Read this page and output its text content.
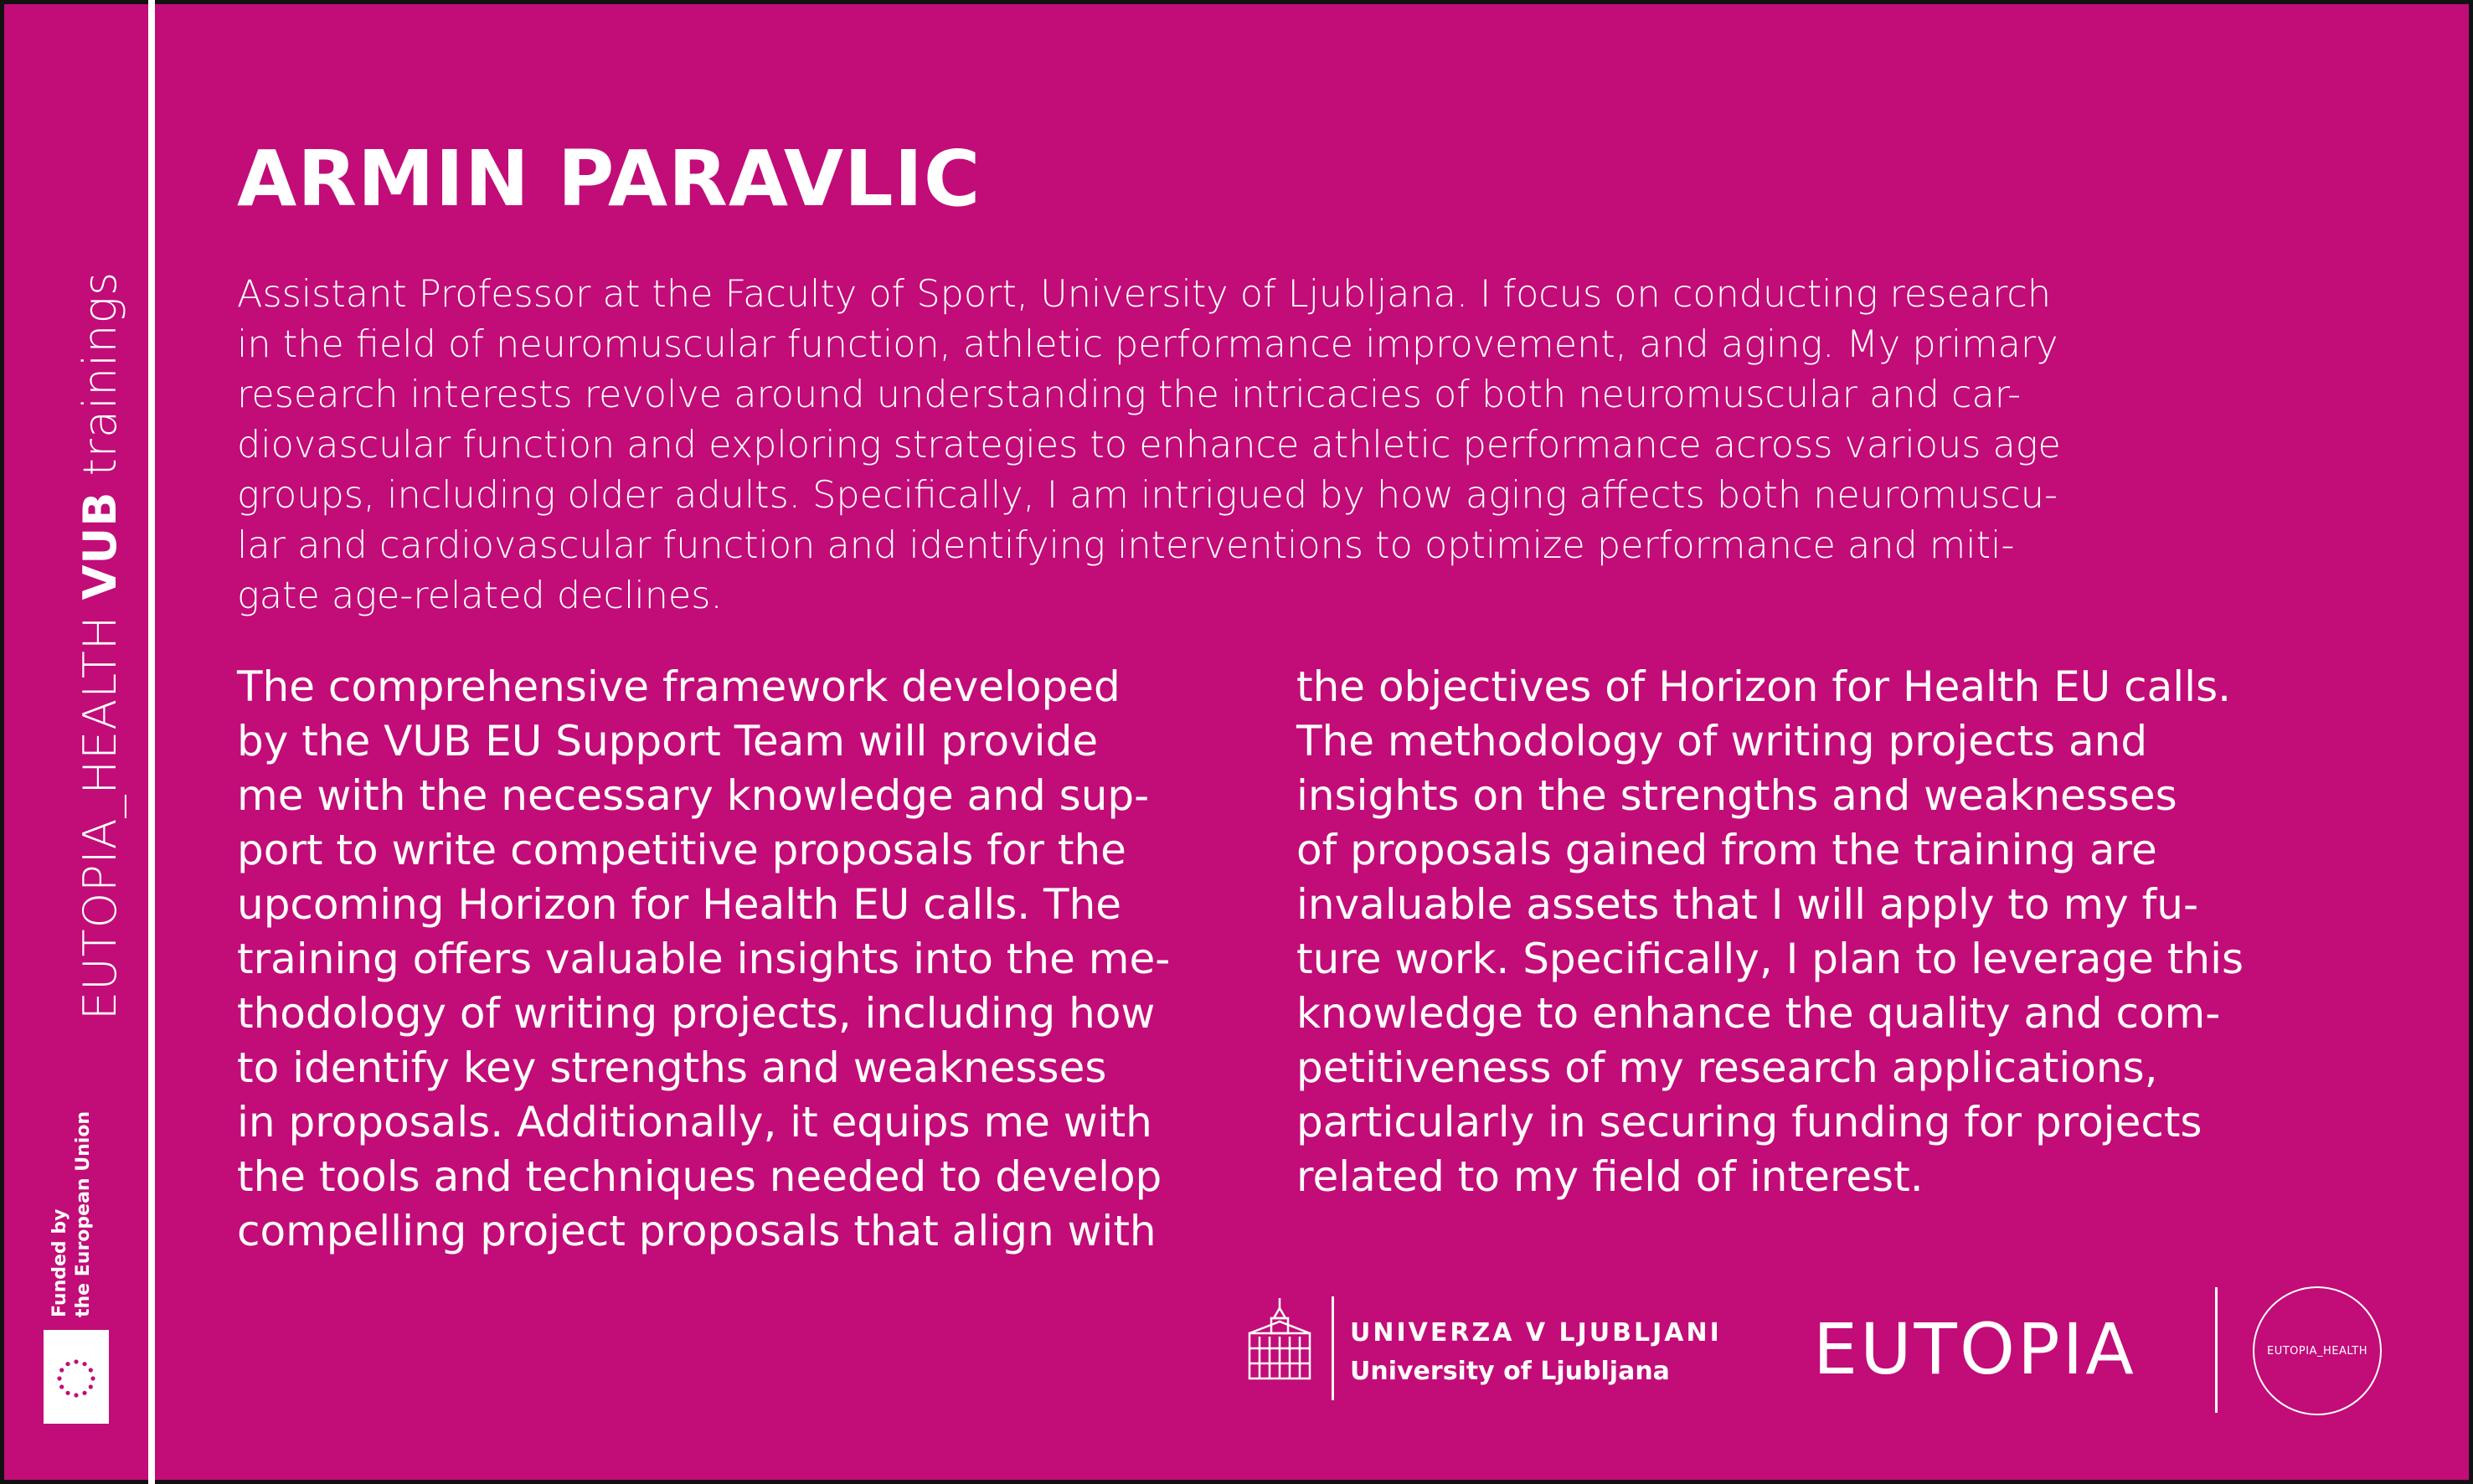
EUTOPIA_HEALTH VUB trainings
Funded by the European Union
ARMIN PARAVLIC

Assistant Professor at the Faculty of Sport, University of Ljubljana. I focus on conducting research
in the field of neuromuscular function, athletic performance improvement, and aging. My primary
research interests revolve around understanding the intricacies of both neuromuscular and car-
diovascular function and exploring strategies to enhance athletic performance across various age
groups, including older adults. Specifically, I am intrigued by how aging affects both neuromuscu-
lar and cardiovascular function and identifying interventions to optimize performance and miti-
gate age-related declines.

The comprehensive framework developed
by the VUB EU Support Team will provide
me with the necessary knowledge and sup-
port to write competitive proposals for the
upcoming Horizon for Health EU calls. The
training offers valuable insights into the me-
thodology of writing projects, including how
to identify key strengths and weaknesses
in proposals. Additionally, it equips me with
the tools and techniques needed to develop
compelling project proposals that align with

the objectives of Horizon for Health EU calls.
The methodology of writing projects and
insights on the strengths and weaknesses
of proposals gained from the training are
invaluable assets that I will apply to my fu-
ture work. Specifically, I plan to leverage this
knowledge to enhance the quality and com-
petitiveness of my research applications,
particularly in securing funding for projects
related to my field of interest.

UNIVERZA V LJUBLJANI
University of Ljubljana	EUTOPIA	EUTOPIA_HEALTH
